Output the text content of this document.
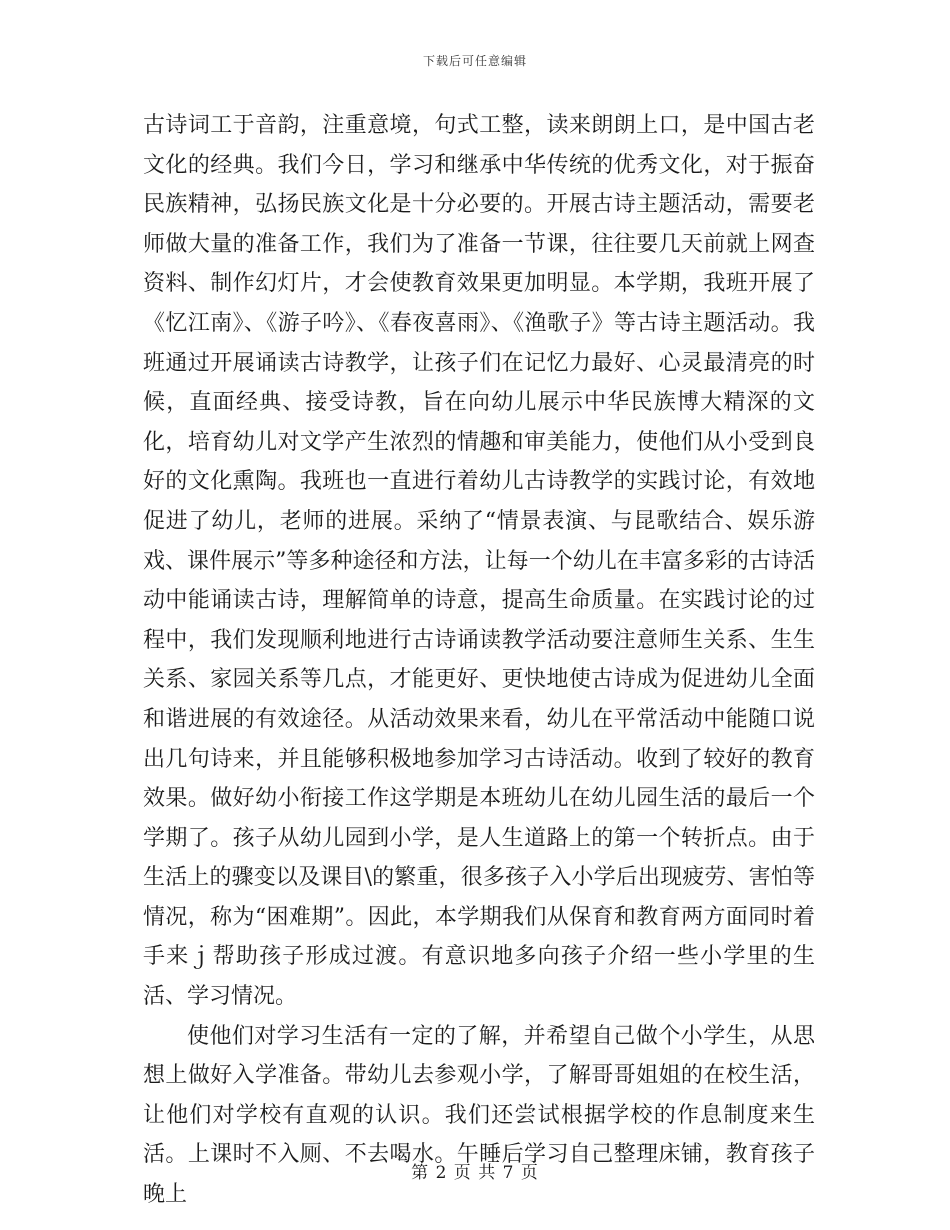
下载后可任意编辑

古诗词工于音韵，注重意境，句式工整，读来朗朗上口，是中国古老文化的经典。我们今日，学习和继承中华传统的优秀文化，对于振奋民族精神，弘扬民族文化是十分必要的。开展古诗主题活动，需要老师做大量的准备工作，我们为了准备一节课，往往要几天前就上网查资料、制作幻灯片，才会使教育效果更加明显。本学期，我班开展了《忆江南》、《游子吟》、《春夜喜雨》、《渔歌子》等古诗主题活动。我班通过开展诵读古诗教学，让孩子们在记忆力最好、心灵最清亮的时候，直面经典、接受诗教，旨在向幼儿展示中华民族博大精深的文化，培育幼儿对文学产生浓烈的情趣和审美能力，使他们从小受到良好的文化熏陶。我班也一直进行着幼儿古诗教学的实践讨论，有效地促进了幼儿，老师的进展。采纳了“情景表演、与昆歌结合、娱乐游戏、课件展示”等多种途径和方法，让每一个幼儿在丰富多彩的古诗活动中能诵读古诗，理解简单的诗意，提高生命质量。在实践讨论的过程中，我们发现顺利地进行古诗诵读教学活动要注意师生关系、生生关系、家园关系等几点，才能更好、更快地使古诗成为促进幼儿全面和谐进展的有效途径。从活动效果来看，幼儿在平常活动中能随口说出几句诗来，并且能够积极地参加学习古诗活动。收到了较好的教育效果。做好幼小衔接工作这学期是本班幼儿在幼儿园生活的最后一个学期了。孩子从幼儿园到小学，是人生道路上的第一个转折点。由于生活上的骤变以及课目\的繁重，很多孩子入小学后出现疲劳、害怕等情况，称为“困难期”。因此，本学期我们从保育和教育两方面同时着手来ｊ帮助孩子形成过渡。有意识地多向孩子介绍一些小学里的生活、学习情况。

使他们对学习生活有一定的了解，并希望自己做个小学生，从思想上做好入学准备。带幼儿去参观小学，了解哥哥姐姐的在校生活，让他们对学校有直观的认识。我们还尝试根据学校的作息制度来生活。上课时不入厕、不去喝水。午睡后学习自己整理床铺，教育孩子晚上

第 2 页 共 7 页
